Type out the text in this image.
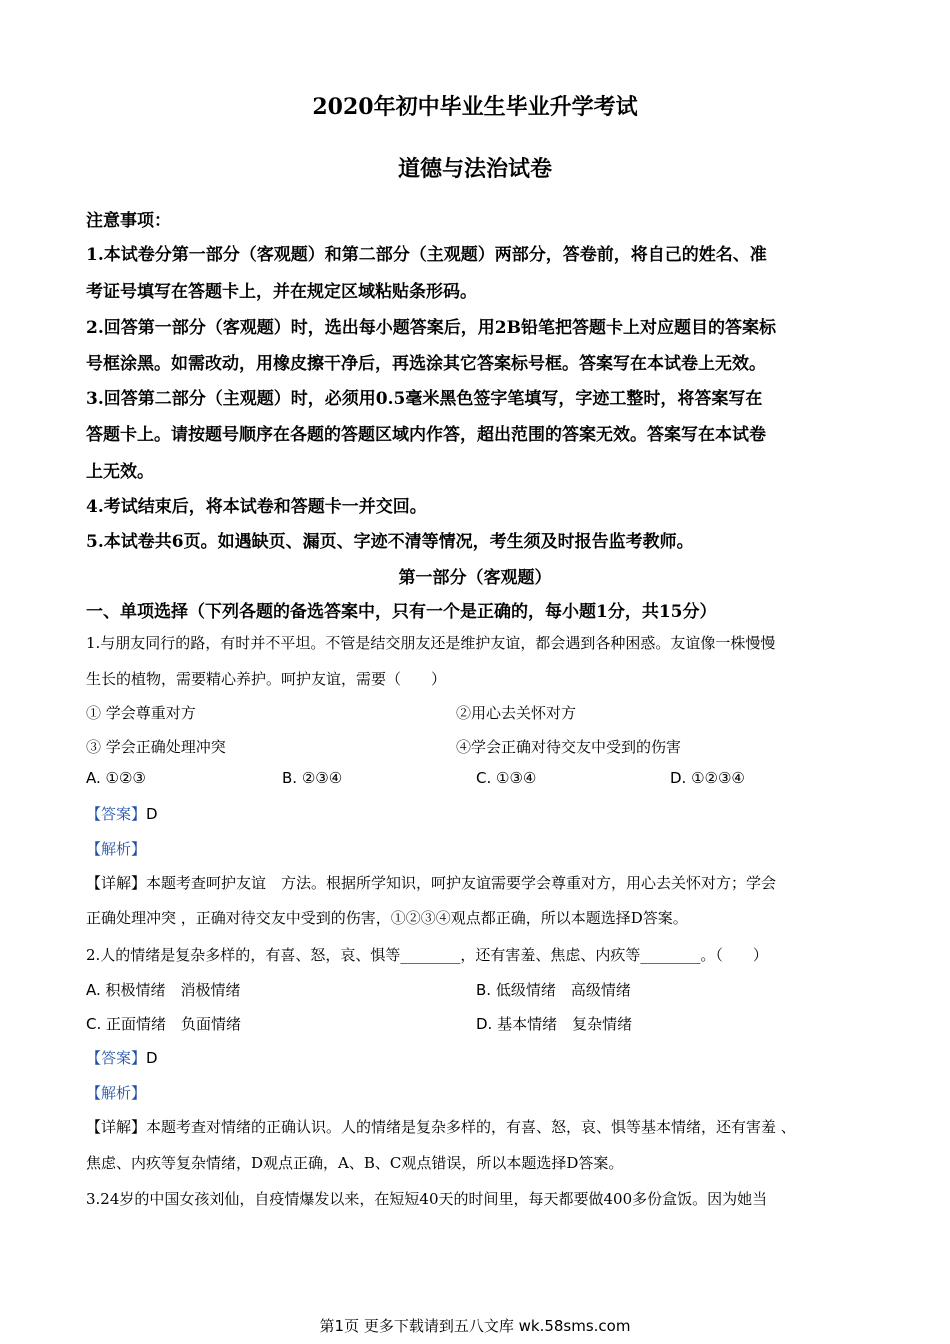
2020年初中毕业生毕业升学考试
道德与法治试卷
注意事项：
1.本试卷分第一部分（客观题）和第二部分（主观题）两部分，答卷前，将自己的姓名、准
考证号填写在答题卡上，并在规定区域粘贴条形码。
2.回答第一部分（客观题）时，选出每小题答案后，用2B铅笔把答题卡上对应题目的答案标
号框涂黑。如需改动，用橡皮擦干净后，再选涂其它答案标号框。答案写在本试卷上无效。
3.回答第二部分（主观题）时，必须用0.5毫米黑色签字笔填写，字迹工整时，将答案写在
答题卡上。请按题号顺序在各题的答题区域内作答，超出范围的答案无效。答案写在本试卷
上无效。
4.考试结束后，将本试卷和答题卡一并交回。
5.本试卷共6页。如遇缺页、漏页、字迹不清等情况，考生须及时报告监考教师。
第一部分（客观题）
一、单项选择（下列各题的备选答案中，只有一个是正确的，每小题1分，共15分）
1.与朋友同行的路，有时并不平坦。不管是结交朋友还是维护友谊，都会遇到各种困惑。友谊像一株慢慢
生长的植物，需要精心养护。呵护友谊，需要（　　）
① 学会尊重对方	②用心去关怀对方
③ 学会正确处理冲突	④学会正确对待交友中受到的伤害
A. ①②③	B. ②③④	C. ①③④	D. ①②③④
【答案】D
【解析】
【详解】本题考查呵护友谊　方法。根据所学知识，呵护友谊需要学会尊重对方，用心去关怀对方；学会
正确处理冲突 ，正确对待交友中受到的伤害，①②③④观点都正确，所以本题选择D答案。
2.人的情绪是复杂多样的，有喜、怒，哀、惧等________，还有害羞、焦虑、内疚等________。（　　）
A. 积极情绪　消极情绪	B. 低级情绪　高级情绪
C. 正面情绪　负面情绪	D. 基本情绪　复杂情绪
【答案】D
【解析】
【详解】本题考查对情绪的正确认识。人的情绪是复杂多样的，有喜、怒，哀、惧等基本情绪，还有害羞 、
焦虑、内疚等复杂情绪，D观点正确，A、B、C观点错误，所以本题选择D答案。
3.24岁的中国女孩刘仙，自疫情爆发以来，在短短40天的时间里，每天都要做400多份盒饭。因为她当
第1页 更多下载请到五八文库 wk.58sms.com
